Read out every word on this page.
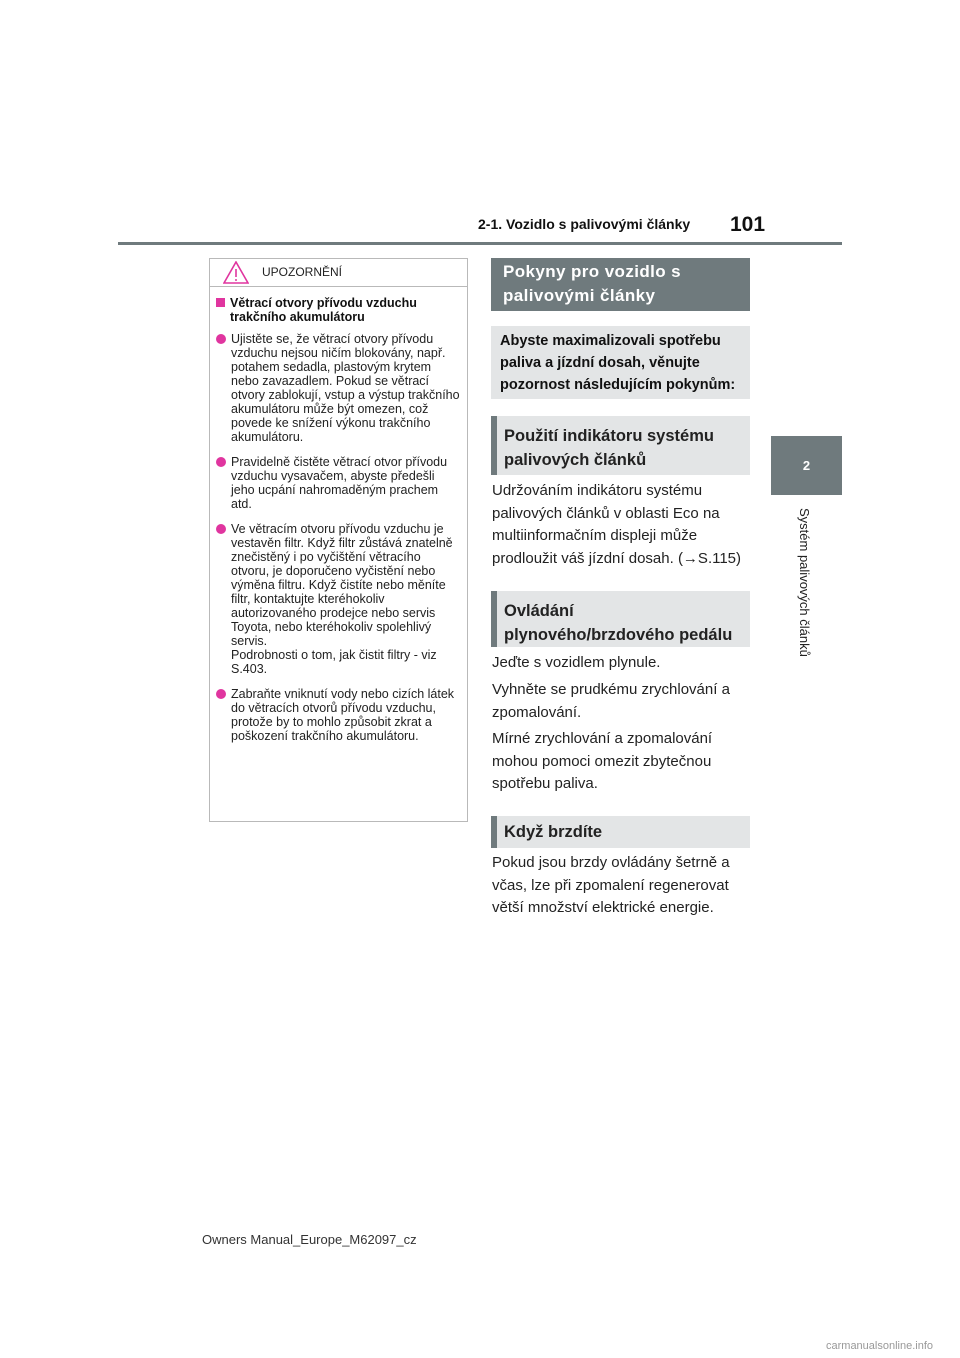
2-1. Vozidlo s palivovými články	101
2
Systém palivových článků
UPOZORNĚNÍ
Větrací otvory přívodu vzduchu trakčního akumulátoru
Ujistěte se, že větrací otvory přívodu vzduchu nejsou ničím blokovány, např. potahem sedadla, plastovým krytem nebo zavazadlem. Pokud se větrací otvory zablokují, vstup a výstup trakčního akumulátoru může být omezen, což povede ke snížení výkonu trakčního akumulátoru.
Pravidelně čistěte větrací otvor přívodu vzduchu vysavačem, abyste předešli jeho ucpání nahromaděným prachem atd.
Ve větracím otvoru přívodu vzduchu je vestavěn filtr. Když filtr zůstává znatelně znečistěný i po vyčištění větracího otvoru, je doporučeno vyčistění nebo výměna filtru. Když čistíte nebo měníte filtr, kontaktujte kteréhokoliv autorizovaného prodejce nebo servis Toyota, nebo kteréhokoliv spolehlivý servis.
Podrobnosti o tom, jak čistit filtry - viz S.403.
Zabraňte vniknutí vody nebo cizích látek do větracích otvorů přívodu vzduchu, protože by to mohlo způsobit zkrat a poškození trakčního akumulátoru.
Pokyny pro vozidlo s palivovými články
Abyste maximalizovali spotřebu paliva a jízdní dosah, věnujte pozornost následujícím pokynům:
Použití indikátoru systému palivových článků

Udržováním indikátoru systému palivových článků v oblasti Eco na multiinformačním displeji může prodloužit váš jízdní dosah. (→S.115)

Ovládání plynového/brzdového pedálu

Jeďte s vozidlem plynule.

Vyhněte se prudkému zrychlování a zpomalování.

Mírné zrychlování a zpomalování mohou pomoci omezit zbytečnou spotřebu paliva.

Když brzdíte

Pokud jsou brzdy ovládány šetrně a včas, lze při zpomalení regenerovat větší množství elektrické energie.

Owners Manual_Europe_M62097_cz
carmanualsonline.info
